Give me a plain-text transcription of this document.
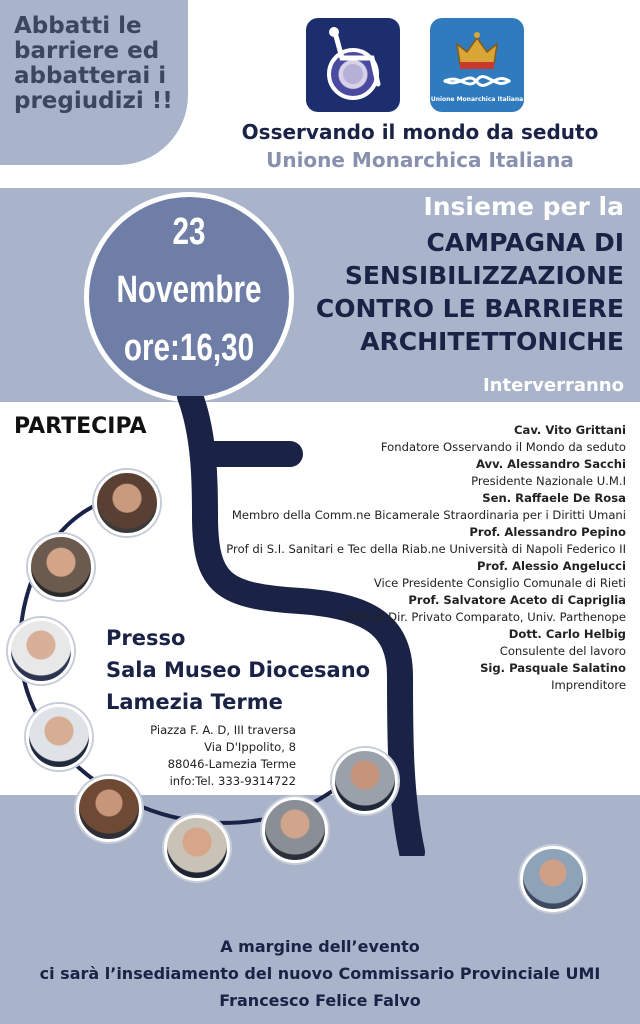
Abbatti le
barriere ed
abbatterai i
pregiudizi !!	Unione Monarchica Italiana
Osservando il mondo da seduto
Unione Monarchica Italiana
23
Novembre
ore:16,30
Insieme per la
CAMPAGNA DI
SENSIBILIZZAZIONE
CONTRO LE BARRIERE
ARCHITETTONICHE
Interverranno
PARTECIPA	Cav. Vito Grittani
Fondatore Osservando il Mondo da seduto
Avv. Alessandro Sacchi
Presidente Nazionale U.M.I
Sen. Raffaele De Rosa
Membro della Comm.ne Bicamerale Straordinaria per i Diritti Umani
Prof. Alessandro Pepino
Prof di S.I. Sanitari e Tec della Riab.ne Università di Napoli Federico II
Prof. Alessio Angelucci
Vice Presidente Consiglio Comunale di Rieti
Prof. Salvatore Aceto di Capriglia
Ord. di Dir. Privato Comparato, Univ. Parthenope
Dott. Carlo Helbig
Consulente del lavoro
Sig. Pasquale Salatino
Imprenditore
Presso
Sala Museo Diocesano
Lamezia Terme
Piazza F. A. D, III traversa
Via D'Ippolito, 8
88046-Lamezia Terme
info:Tel. 333-9314722
A margine dell’evento
ci sarà l’insediamento del nuovo Commissario Provinciale UMI
Francesco Felice Falvo
